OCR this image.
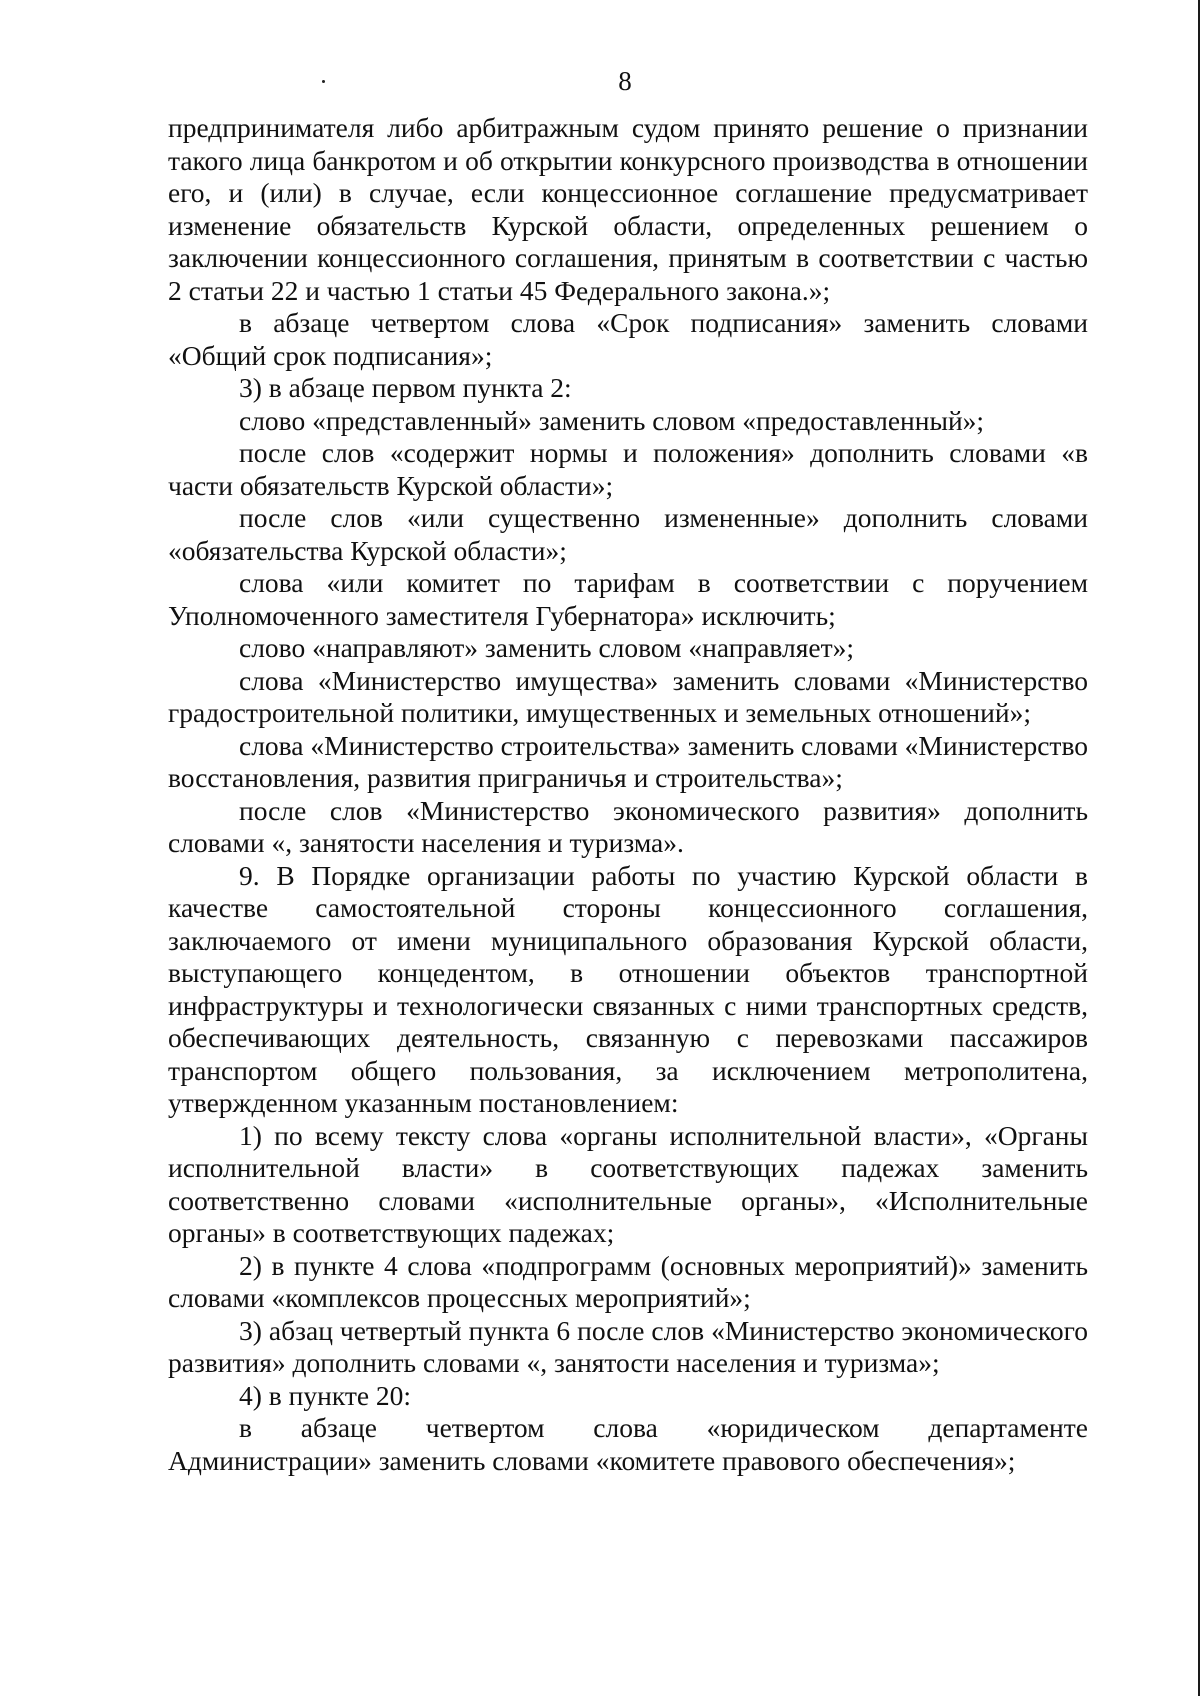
8

предпринимателя либо арбитражным судом принято решение о признании такого лица банкротом и об открытии конкурсного производства в отношении его, и (или) в случае, если концессионное соглашение предусматривает изменение обязательств Курской области, определенных решением о заключении концессионного соглашения, принятым в соответствии с частью 2 статьи 22 и частью 1 статьи 45 Федерального закона.»;

в абзаце четвертом слова «Срок подписания» заменить словами «Общий срок подписания»;

3) в абзаце первом пункта 2:

слово «представленный» заменить словом «предоставленный»;

после слов «содержит нормы и положения» дополнить словами «в части обязательств Курской области»;

после слов «или существенно измененные» дополнить словами «обязательства Курской области»;

слова «или комитет по тарифам в соответствии с поручением Уполномоченного заместителя Губернатора» исключить;

слово «направляют» заменить словом «направляет»;

слова «Министерство имущества» заменить словами «Министерство градостроительной политики, имущественных и земельных отношений»;

слова «Министерство строительства» заменить словами «Министерство восстановления, развития приграничья и строительства»;

после слов «Министерство экономического развития» дополнить словами «, занятости населения и туризма».

9. В Порядке организации работы по участию Курской области в качестве самостоятельной стороны концессионного соглашения, заключаемого от имени муниципального образования Курской области, выступающего концедентом, в отношении объектов транспортной инфраструктуры и технологически связанных с ними транспортных средств, обеспечивающих деятельность, связанную с перевозками пассажиров транспортом общего пользования, за исключением метрополитена, утвержденном указанным постановлением:

1) по всему тексту слова «органы исполнительной власти», «Органы исполнительной власти» в соответствующих падежах заменить соответственно словами «исполнительные органы», «Исполнительные органы» в соответствующих падежах;

2) в пункте 4 слова «подпрограмм (основных мероприятий)» заменить словами «комплексов процессных мероприятий»;

3) абзац четвертый пункта 6 после слов «Министерство экономического развития» дополнить словами «, занятости населения и туризма»;

4) в пункте 20:

в абзаце четвертом слова «юридическом департаменте Администрации» заменить словами «комитете правового обеспечения»;
